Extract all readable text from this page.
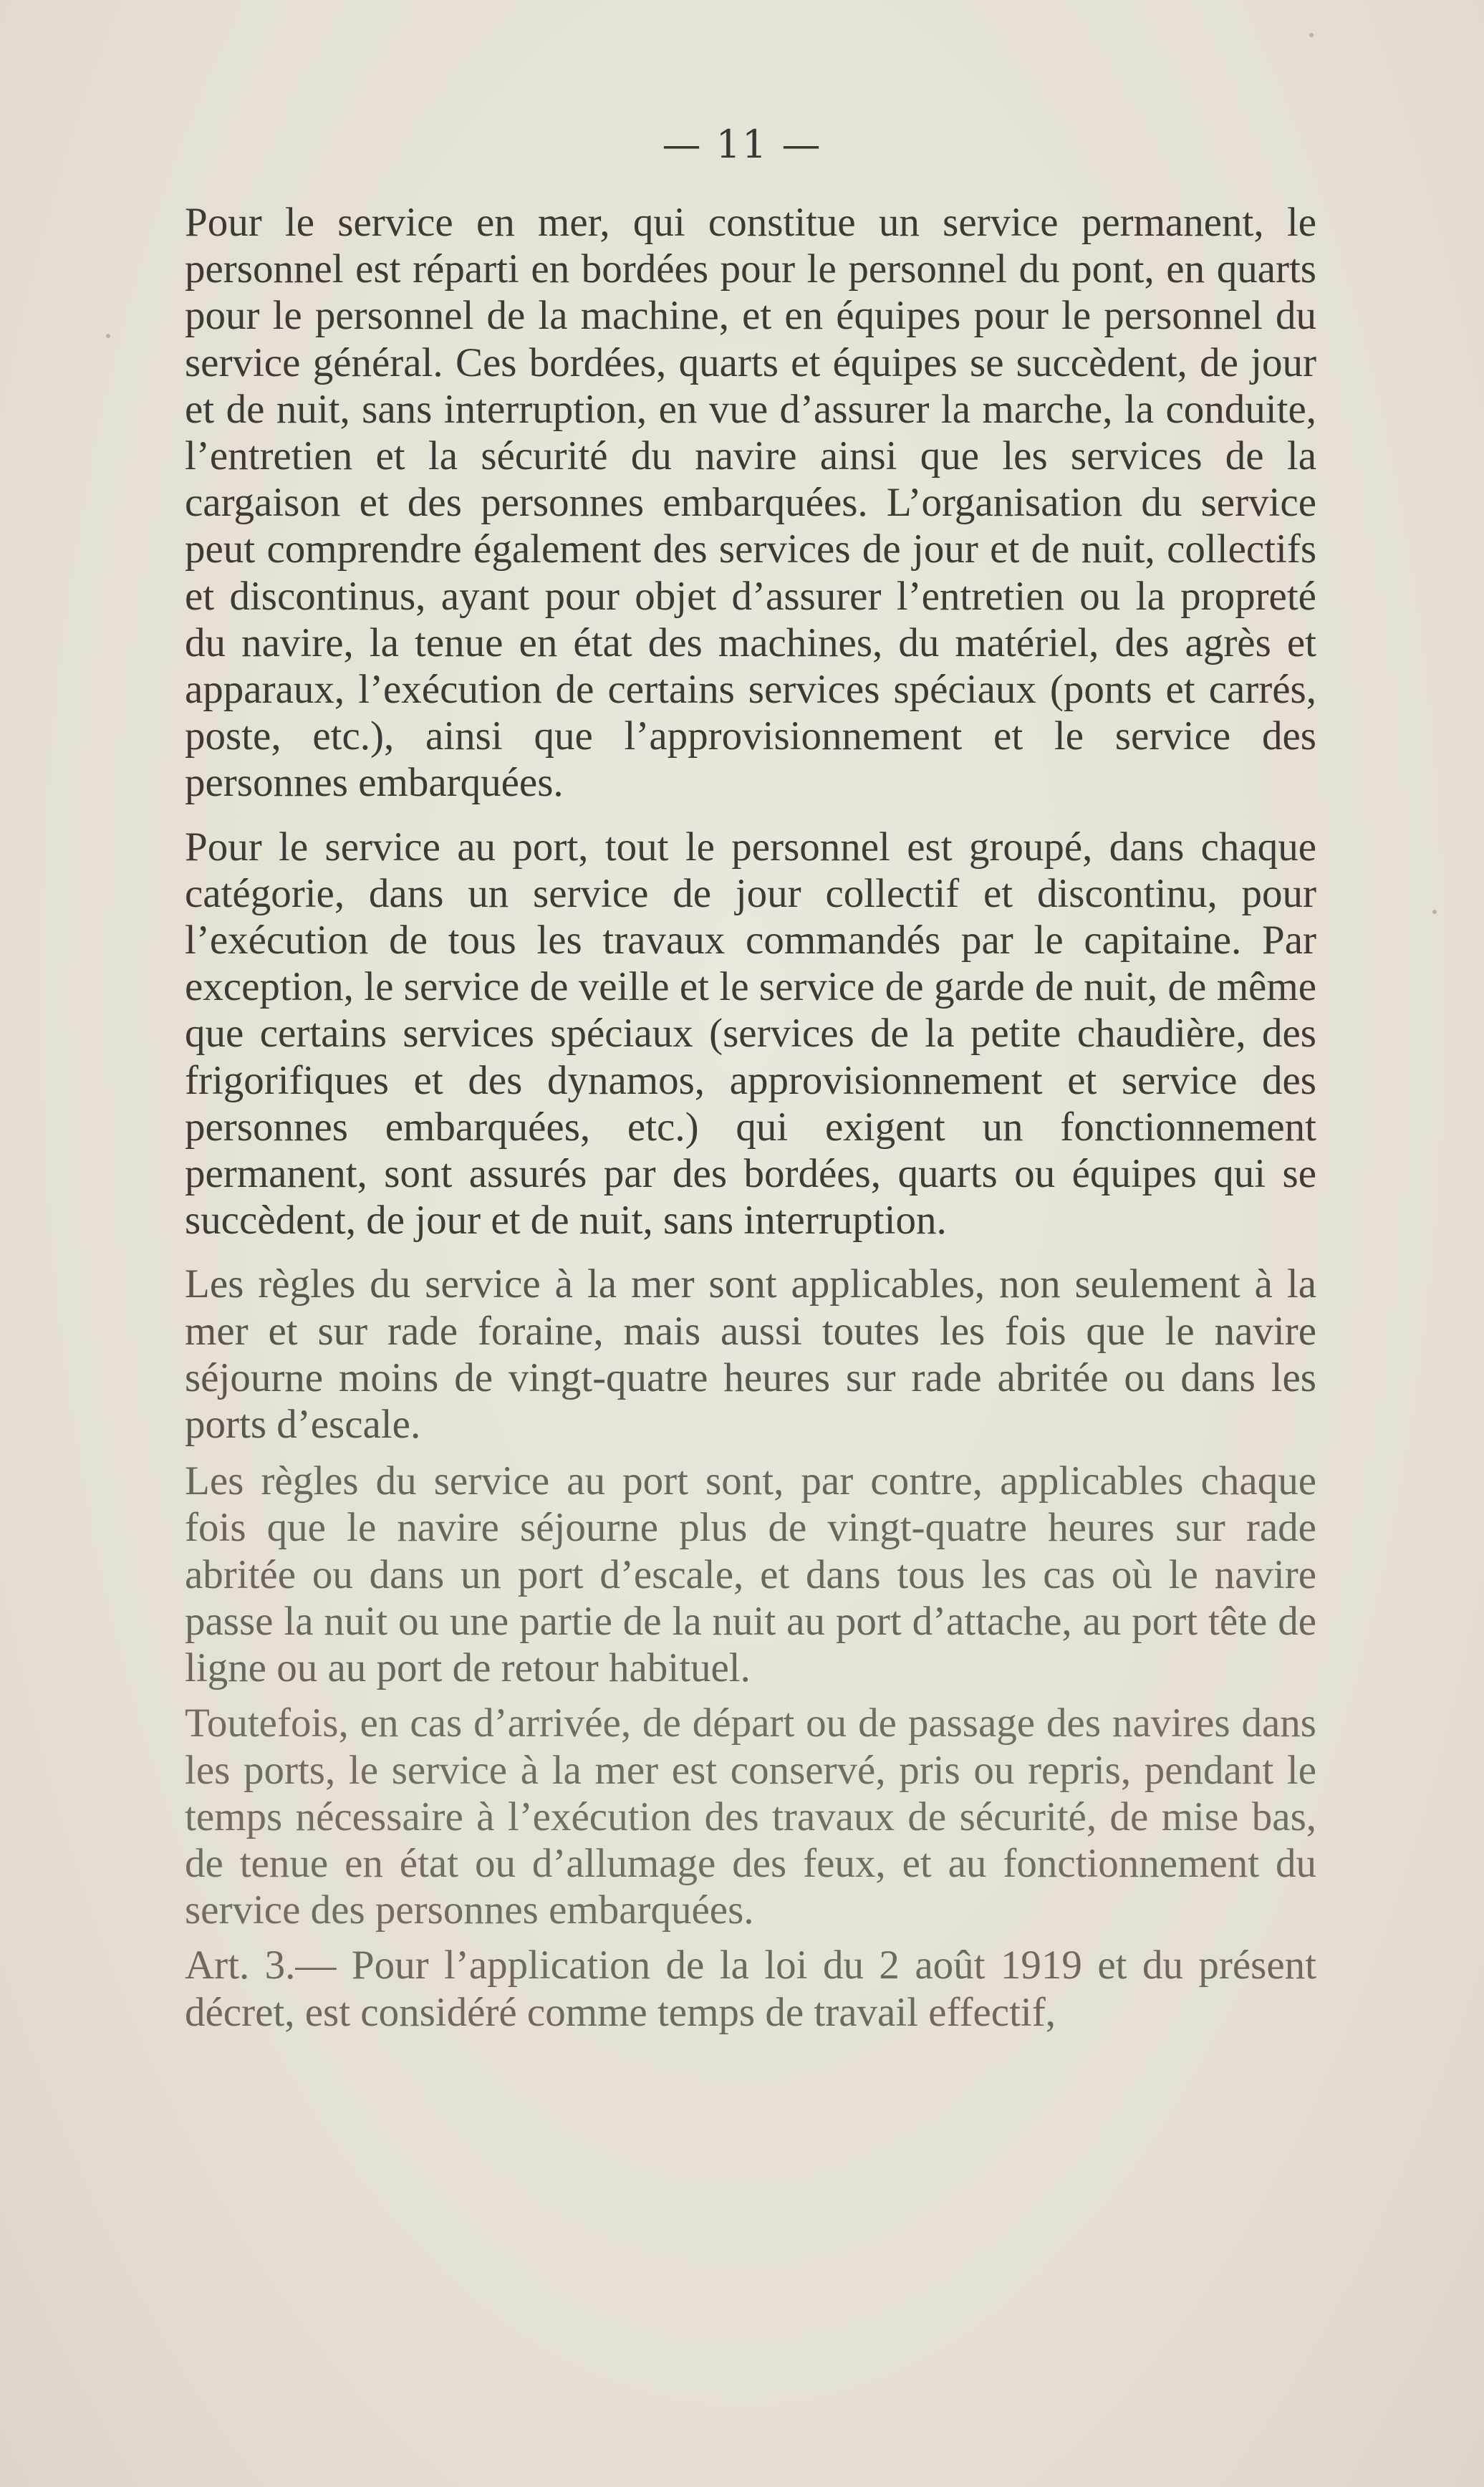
— 11 —

Pour le service en mer, qui constitue un service permanent, le personnel est réparti en bordées pour le personnel du pont, en quarts pour le personnel de la machine, et en équipes pour le personnel du service général. Ces bordées, quarts et équipes se succèdent, de jour et de nuit, sans interruption, en vue d’assurer la marche, la conduite, l’entretien et la sécurité du navire ainsi que les services de la cargaison et des personnes embarquées. L’organisation du service peut comprendre également des services de jour et de nuit, collectifs et discontinus, ayant pour objet d’assurer l’entretien ou la propreté du navire, la tenue en état des machines, du matériel, des agrès et apparaux, l’exécution de certains services spéciaux (ponts et carrés, poste, etc.), ainsi que l’approvisionnement et le service des personnes embarquées.

Pour le service au port, tout le personnel est groupé, dans chaque catégorie, dans un service de jour collectif et discontinu, pour l’exécution de tous les travaux commandés par le capitaine. Par exception, le service de veille et le service de garde de nuit, de même que certains services spéciaux (services de la petite chaudière, des frigorifiques et des dynamos, approvisionnement et service des personnes embarquées, etc.) qui exigent un fonctionnement permanent, sont assurés par des bordées, quarts ou équipes qui se succèdent, de jour et de nuit, sans interruption.

Les règles du service à la mer sont applicables, non seulement à la mer et sur rade foraine, mais aussi toutes les fois que le navire séjourne moins de vingt-quatre heures sur rade abritée ou dans les ports d’escale.

Les règles du service au port sont, par contre, applicables chaque fois que le navire séjourne plus de vingt-quatre heures sur rade abritée ou dans un port d’escale, et dans tous les cas où le navire passe la nuit ou une partie de la nuit au port d’attache, au port tête de ligne ou au port de retour habituel.

Toutefois, en cas d’arrivée, de départ ou de passage des navires dans les ports, le service à la mer est conservé, pris ou repris, pendant le temps nécessaire à l’exécution des travaux de sécurité, de mise bas, de tenue en état ou d’allumage des feux, et au fonctionnement du service des personnes embarquées.

Art. 3.— Pour l’application de la loi du 2 août 1919 et du présent décret, est considéré comme temps de travail effectif,
